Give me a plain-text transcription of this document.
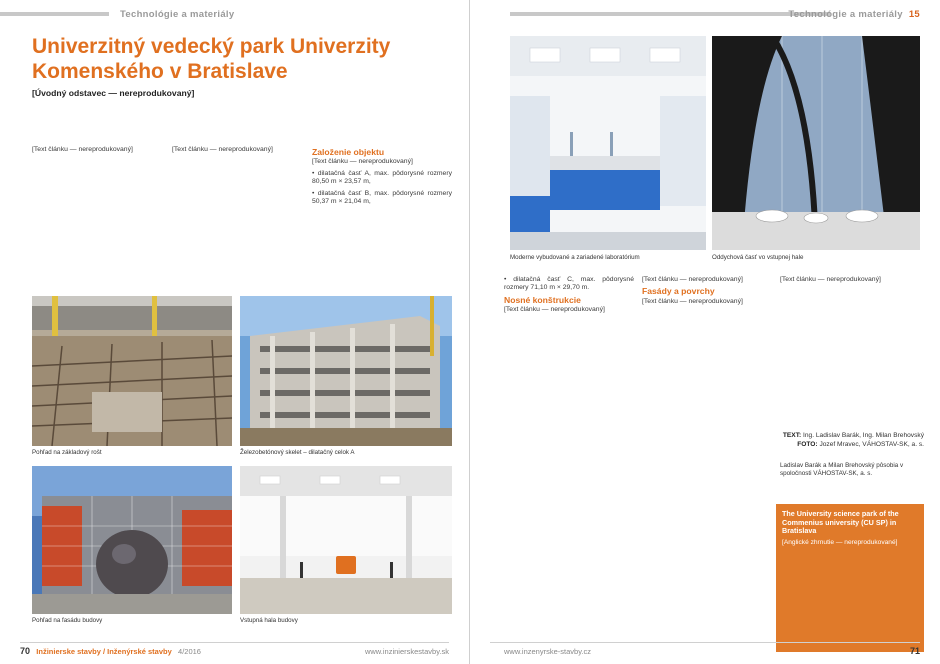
Technológie a materiály
Univerzitný vedecký park Univerzity Komenského v Bratislave

[Úvodný odstavec — nereprodukovaný]

[Text článku — nereprodukovaný]	[Text článku — nereprodukovaný]	Založenie objektu

[Text článku — nereprodukovaný]

• dilatačná časť A, max. pôdorysné rozmery 80,50 m × 23,57 m,

• dilatačná časť B, max. pôdorysné rozmery 50,37 m × 21,04 m,

Pohľad na základový rošt	Železobetónový skelet – dilatačný celok A
Pohľad na fasádu budovy	Vstupná hala budovy
70 Inžinierske stavby / Inženýrské stavby 4/2016	www.inzinierskestavby.sk
Technológie a materiály 15
Moderne vybudované a zariadené laboratórium	Oddychová časť vo vstupnej hale

• dilatačná časť C, max. pôdorysné rozmery 71,10 m × 29,70 m.

Nosné konštrukcie

[Text článku — nereprodukovaný]

[Text článku — nereprodukovaný]

Fasády a povrchy

[Text článku — nereprodukovaný]

[Text článku — nereprodukovaný]

TEXT: Ing. Ladislav Barák, Ing. Milan Brehovský
FOTO: Jozef Mravec, VÁHOSTAV-SK, a. s.
Ladislav Barák a Milan Brehovský pôsobia v spoločnosti VÁHOSTAV-SK, a. s.
The University science park of the Commenius university (CU SP) in Bratislava

[Anglické zhrnutie — nereprodukované]

www.inzenyrske-stavby.cz	71
